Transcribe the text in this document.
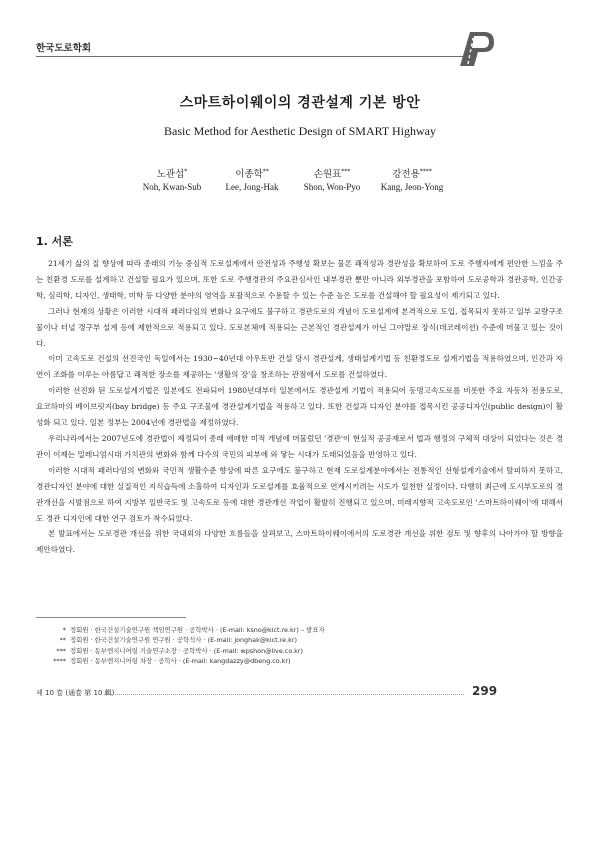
한국도로학회
스마트하이웨이의 경관설계 기본 방안
Basic Method for Aesthetic Design of SMART Highway
노관섭*
Noh, Kwan-Sub
이종학**
Lee, Jong-Hak
손원표***
Shon, Won-Pyo
강전용****
Kang, Jeon-Yong
1. 서론

21세기 삶의 질 향상에 따라 종래의 기능 중심적 도로설계에서 안전성과 주행성 확보는 물론 쾌적성과 경관성을 확보하여 도로 주행자에게 편안한 느낌을 주는 친환경 도로를 설계하고 건설할 필요가 있으며, 또한 도로 주행경관의 주요관심사인 내부경관 뿐만 아니라 외부경관을 포함하여 도로공학과 경관공학, 인간공학, 심리학, 디자인, 생태학, 미학 등 다양한 분야의 영역을 포괄적으로 수용할 수 있는 수준 높은 도로를 건설해야 할 필요성이 제기되고 있다.

그러나 현재의 상황은 이러한 시대적 패러다임의 변화나 요구에도 불구하고 경관도로의 개념이 도로설계에 본격적으로 도입, 접목되지 못하고 일부 교량구조물이나 터널 갱구부 설계 등에 제한적으로 적용되고 있다. 도로본체에 적용되는 근본적인 경관설계가 아닌 그야말로 장식(데코레이션) 수준에 머물고 있는 것이다.

이미 고속도로 건설의 선진국인 독일에서는 1930~40년대 아우토반 건설 당시 경관설계, 생태설계기법 등 친환경도로 설계기법을 적용하였으며, 인간과 자연이 조화를 이루는 아름답고 쾌적한 장소를 제공하는 '생활의 장'을 창조하는 관점에서 도로를 건설하였다.

이러한 선진화 된 도로설계기법은 일본에도 전파되어 1980년대부터 일본에서도 경관설계 기법이 적용되어 동명고속도로를 비롯한 주요 자동차 전용도로, 요코하마의 베이브릿지(bay bridge) 등 주요 구조물에 경관설계기법을 적용하고 있다. 또한 건설과 디자인 분야를 접목시킨 공공디자인(public design)이 활성화 되고 있다. 일본 정부는 2004년에 경관법을 제정하였다.

우리나라에서는 2007년도에 경관법이 제정되어 종래 애매한 미적 개념에 머물렀던 '경관'이 현실적 공공재로서 법과 행정의 구체적 대상이 되었다는 것은 경관이 이제는 밀레니엄시대 가치관의 변화와 함께 다수의 국민의 피부에 와 닿는 시대가 도래되었음을 반영하고 있다.

이러한 시대적 패러다임의 변화와 국민적 생활수준 향상에 따른 요구에도 불구하고 현재 도로설계분야에서는 전통적인 선형설계기술에서 탈피하지 못하고, 경관디자인 분야에 대한 실질적인 지식습득에 소홀하여 디자인과 도로설계를 효율적으로 연계시키려는 시도가 일천한 실정이다. 다행히 최근에 도시부도로의 경관개선을 시발점으로 하여 지방부 일반국도 및 고속도로 등에 대한 경관개선 작업이 활발히 진행되고 있으며, 미래지향적 고속도로인 '스마트하이웨이'에 대해서도 경관 디자인에 대한 연구 검토가 착수되었다.

본 발표에서는 도로경관 개선을 위한 국내외의 다양한 흐름들을 살펴보고, 스마트하이웨이에서의 도로경관 개선을 위한 검토 및 향후의 나아가야 할 방향을 제안하였다.

* 정회원 · 한국건설기술연구원 책임연구원 · 공학박사 · (E-mail: ksno@kict.re.kr) – 발표자
** 정회원 · 한국건설기술연구원 연구원 · 공학석사 · (E-mail: jonghak@kict.re.kr)
*** 정회원 · 동부엔지니어링 기술연구소장 · 공학박사 · (E-mail: wpshon@live.co.kr)
**** 정회원 · 동부엔지니어링 차장 · 공학사 · (E-mail: kangdazzy@dbeng.co.kr)
제 10 卷 (通卷 第 10 輯)	299
